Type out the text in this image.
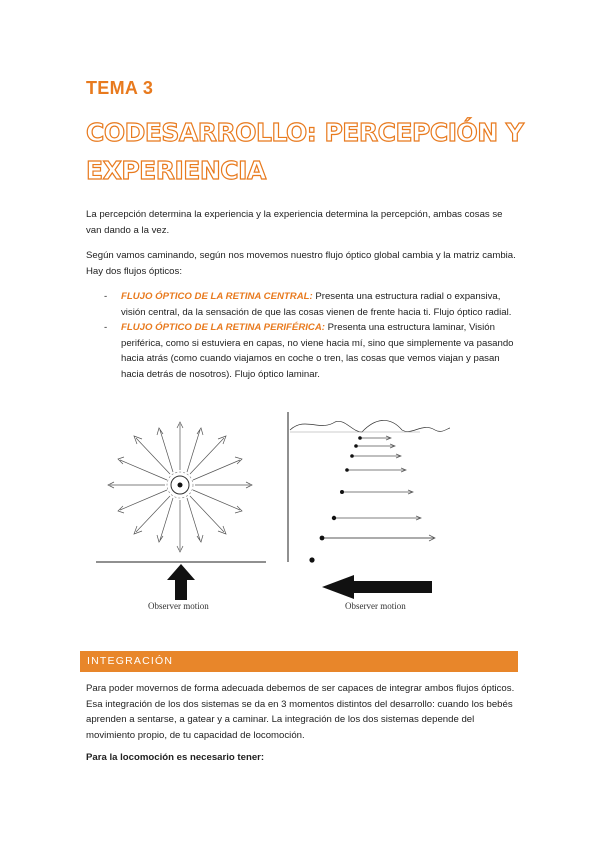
TEMA 3
CODESARROLLO: PERCEPCIÓN Y EXPERIENCIA
La percepción determina la experiencia y la experiencia determina la percepción, ambas cosas se van dando a la vez.
Según vamos caminando, según nos movemos nuestro flujo óptico global cambia y la matriz cambia. Hay dos flujos ópticos:
- FLUJO ÓPTICO DE LA RETINA CENTRAL: Presenta una estructura radial o expansiva, visión central, da la sensación de que las cosas vienen de frente hacia ti. Flujo óptico radial.
- FLUJO ÓPTICO DE LA RETINA PERIFÉRICA: Presenta una estructura laminar, Visión periférica, como si estuviera en capas, no viene hacia mí, sino que simplemente va pasando hacia atrás (como cuando viajamos en coche o tren, las cosas que vemos viajan y pasan hacia detrás de nosotros). Flujo óptico laminar.
Observer motion	Observer motion
INTEGRACIÓN
Para poder movernos de forma adecuada debemos de ser capaces de integrar ambos flujos ópticos. Esa integración de los dos sistemas se da en 3 momentos distintos del desarrollo: cuando los bebés aprenden a sentarse, a gatear y a caminar. La integración de los dos sistemas depende del movimiento propio, de tu capacidad de locomoción.
Para la locomoción es necesario tener:
